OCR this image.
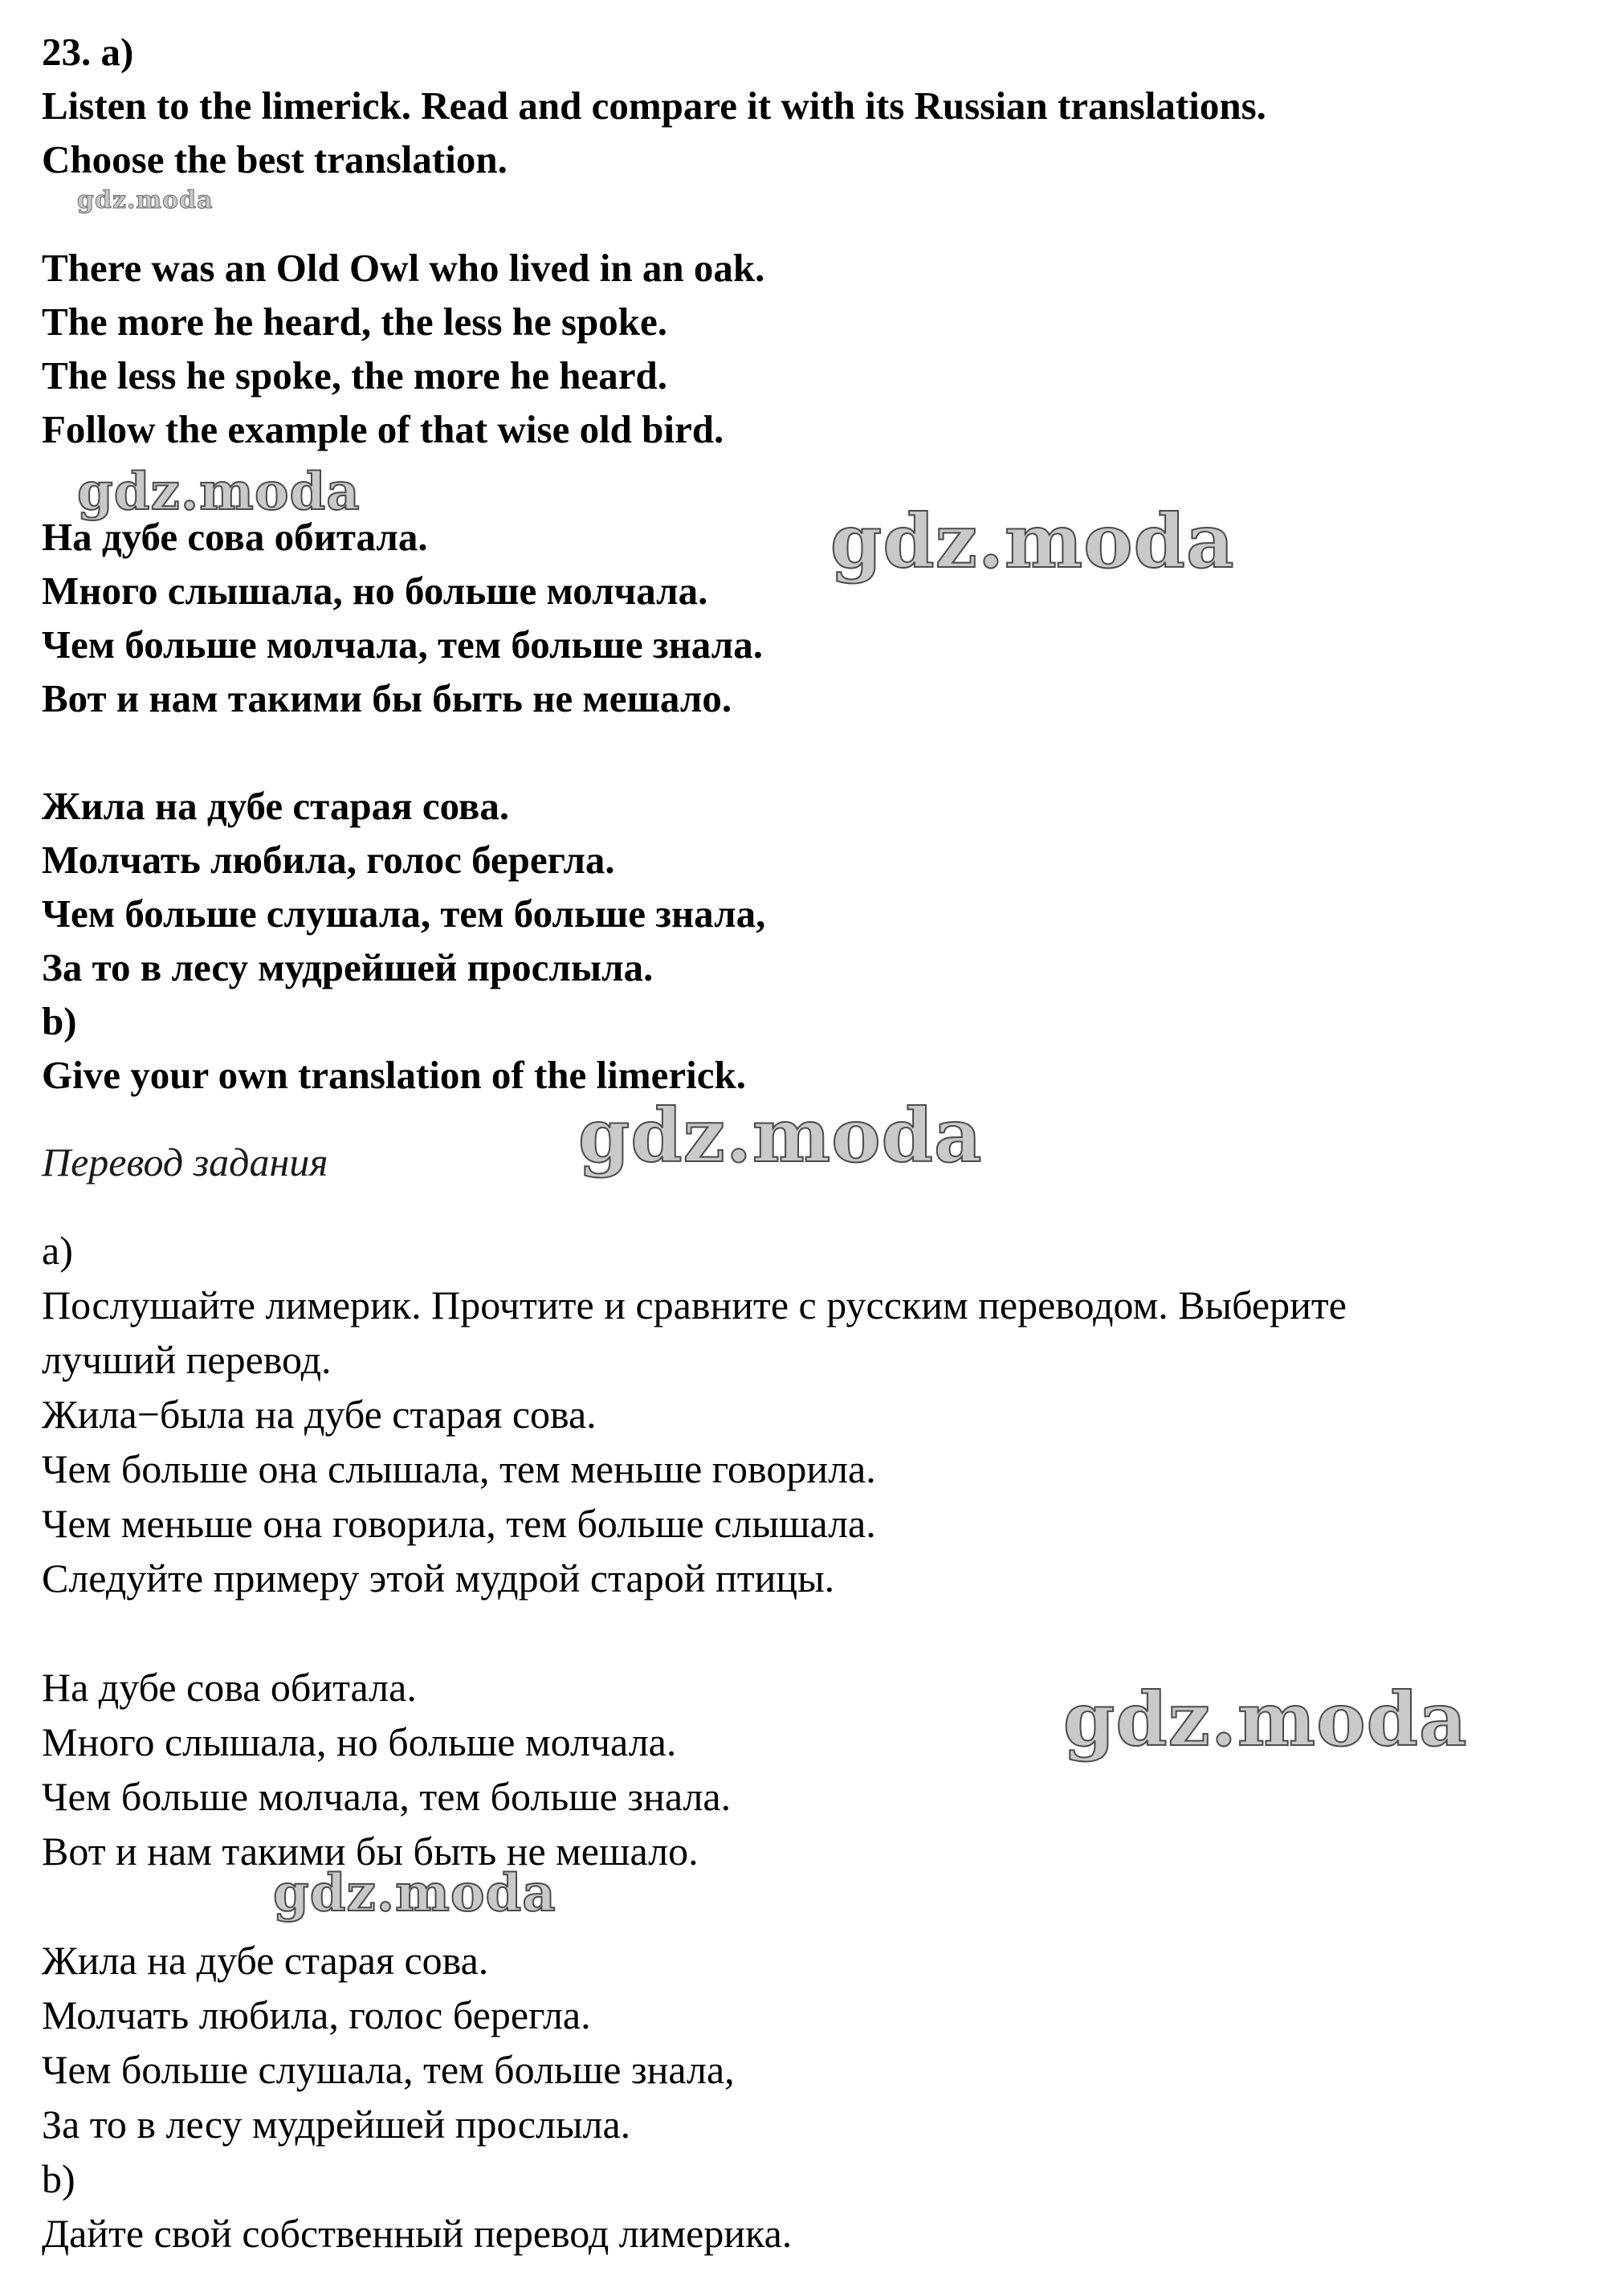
23. a)
Listen to the limerick. Read and compare it with its Russian translations.
Choose the best translation.
There was an Old Owl who lived in an oak.
The more he heard, the less he spoke.
The less he spoke, the more he heard.
Follow the example of that wise old bird.
На дубе сова обитала.
Много слышала, но больше молчала.
Чем больше молчала, тем больше знала.
Вот и нам такими бы быть не мешало.
Жила на дубе старая сова.
Молчать любила, голос берегла.
Чем больше слушала, тем больше знала,
За то в лесу мудрейшей прослыла.
b)
Give your own translation of the limerick.
Перевод задания
a)
Послушайте лимерик. Прочтите и сравните с русским переводом. Выберите
лучший перевод.
Жила−была на дубе старая сова.
Чем больше она слышала, тем меньше говорила.
Чем меньше она говорила, тем больше слышала.
Следуйте примеру этой мудрой старой птицы.
На дубе сова обитала.
Много слышала, но больше молчала.
Чем больше молчала, тем больше знала.
Вот и нам такими бы быть не мешало.
Жила на дубе старая сова.
Молчать любила, голос берегла.
Чем больше слушала, тем больше знала,
За то в лесу мудрейшей прослыла.
b)
Дайте свой собственный перевод лимерика.
gdz.moda
gdz.moda
gdz.moda
gdz.moda
gdz.moda
gdz.moda
